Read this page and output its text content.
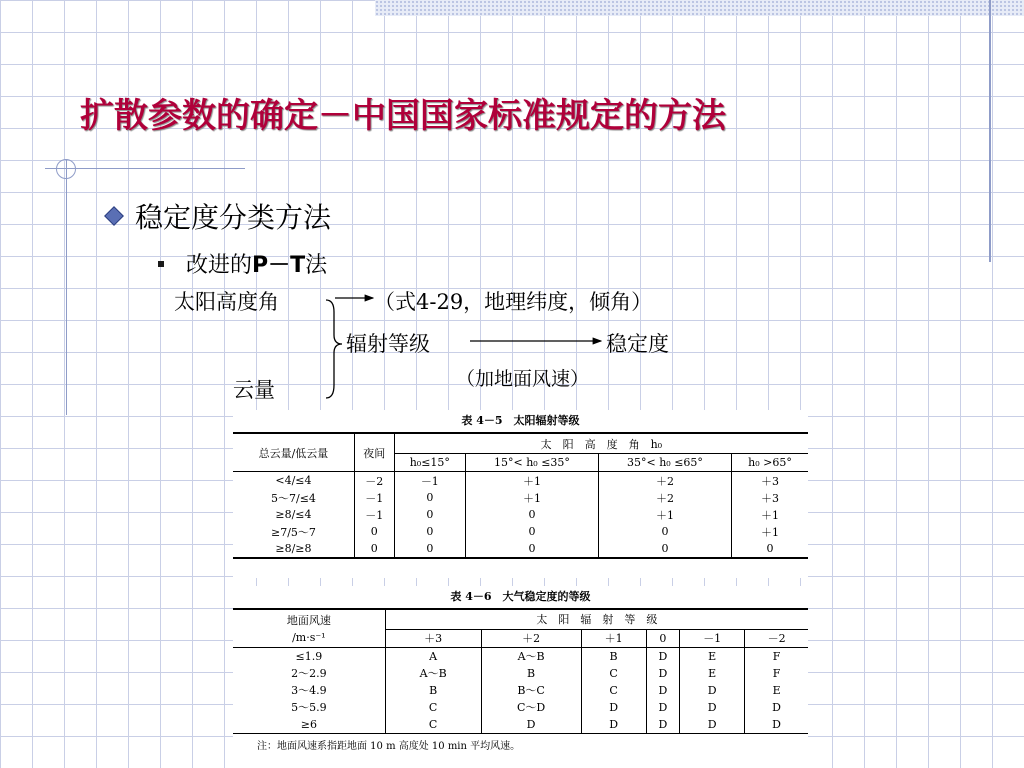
扩散参数的确定－中国国家标准规定的方法
稳定度分类方法
改进的P－T法
太阳高度角	（式4-29，地理纬度，倾角）
辐射等级	稳定度
（加地面风速）
云量
表 4－5　太阳辐射等级
总云量/低云量	夜间	太　阳　高　度　角　h₀			
		h₀≤15°	15°< h₀ ≤35°	35°< h₀ ≤65°	h₀ >65°
<4/≤4	－2	－1	＋1	＋2	＋3
5～7/≤4	－1	0	＋1	＋2	＋3
≥8/≤4	－1	0	0	＋1	＋1
≥7/5～7	0	0	0	0	＋1
≥8/≥8	0	0	0	0	0
表 4－6　大气稳定度的等级
地面风速	太　阳　辐　射　等　级					
/m·s⁻¹	＋3	＋2	＋1	0	－1	－2
≤1.9	A	A～B	B	D	E	F
2～2.9	A～B	B	C	D	E	F
3～4.9	B	B～C	C	D	D	E
5～5.9	C	C～D	D	D	D	D
≥6	C	D	D	D	D	D
注：地面风速系指距地面 10 m 高度处 10 min 平均风速。
